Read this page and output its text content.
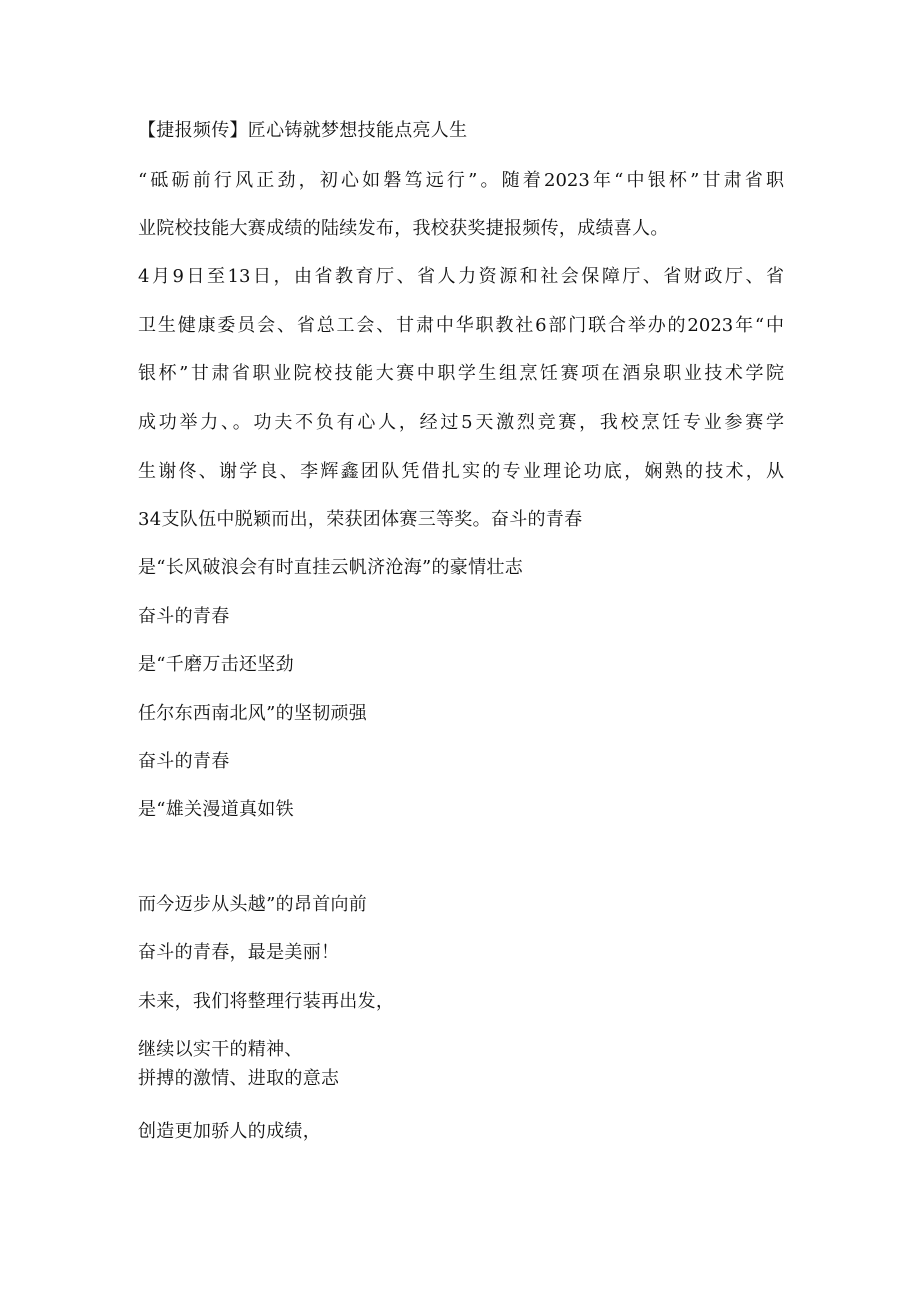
【捷报频传】匠心铸就梦想技能点亮人生
“砥砺前行风正劲，初心如磐笃远行”。随着2023年“中银杯”甘肃省职
业院校技能大赛成绩的陆续发布，我校获奖捷报频传，成绩喜人。
4月9日至13日，由省教育厅、省人力资源和社会保障厅、省财政厅、省
卫生健康委员会、省总工会、甘肃中华职教社6部门联合举办的2023年“中
银杯”甘肃省职业院校技能大赛中职学生组烹饪赛项在酒泉职业技术学院
成功举力、。功夫不负有心人，经过5天激烈竞赛，我校烹饪专业参赛学
生谢佟、谢学良、李辉鑫团队凭借扎实的专业理论功底，娴熟的技术，从
34支队伍中脱颖而出，荣获团体赛三等奖。奋斗的青春
是“长风破浪会有时直挂云帆济沧海”的豪情壮志
奋斗的青春
是“千磨万击还坚劲
任尔东西南北风”的坚韧顽强
奋斗的青春
是“雄关漫道真如铁
而今迈步从头越”的昂首向前
奋斗的青春，最是美丽！
未来，我们将整理行装再出发，
继续以实干的精神、
拼搏的激情、进取的意志
创造更加骄人的成绩，
